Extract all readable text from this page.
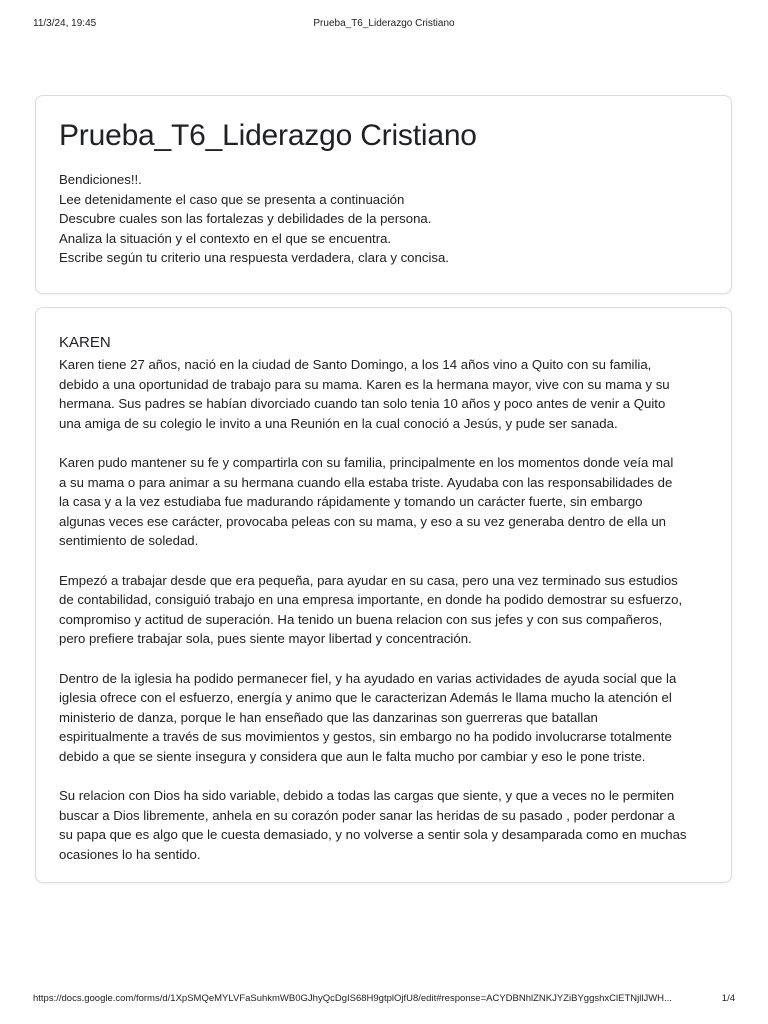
11/3/24, 19:45	Prueba_T6_Liderazgo Cristiano
Prueba_T6_Liderazgo Cristiano
Bendiciones!!.
Lee detenidamente el caso que se presenta a continuación
Descubre cuales son las fortalezas y debilidades de la persona.
Analiza la situación y el contexto en el que se encuentra.
Escribe según tu criterio una respuesta verdadera, clara y concisa.
KAREN
Karen tiene 27 años, nació en la ciudad de Santo Domingo, a los 14 años vino a Quito con su familia,
debido a una oportunidad de trabajo para su mama. Karen es la hermana mayor, vive con su mama y su
hermana. Sus padres se habían divorciado cuando tan solo tenia 10 años y poco antes de venir a Quito
una amiga de su colegio le invito a una Reunión en la cual conoció a Jesús, y pude ser sanada.
Karen pudo mantener su fe y compartirla con su familia, principalmente en los momentos donde veía mal
a su mama o para animar a su hermana cuando ella estaba triste. Ayudaba con las responsabilidades de
la casa y a la vez estudiaba fue madurando rápidamente y tomando un carácter fuerte, sin embargo
algunas veces ese carácter, provocaba peleas con su mama, y eso a su vez generaba dentro de ella un
sentimiento de soledad.
Empezó a trabajar desde que era pequeña, para ayudar en su casa, pero una vez terminado sus estudios
de contabilidad, consiguió trabajo en una empresa importante, en donde ha podido demostrar su esfuerzo,
compromiso y actitud de superación. Ha tenido un buena relacion con sus jefes y con sus compañeros,
pero prefiere trabajar sola, pues siente mayor libertad y concentración.
Dentro de la iglesia ha podido permanecer fiel, y ha ayudado en varias actividades de ayuda social que la
iglesia ofrece con el esfuerzo, energía y animo que le caracterizan Además le llama mucho la atención el
ministerio de danza, porque le han enseñado que las danzarinas son guerreras que batallan
espiritualmente a través de sus movimientos y gestos, sin embargo no ha podido involucrarse totalmente
debido a que se siente insegura y considera que aun le falta mucho por cambiar y eso le pone triste.
Su relacion con Dios ha sido variable, debido a todas las cargas que siente, y que a veces no le permiten
buscar a Dios libremente, anhela en su corazón poder sanar las heridas de su pasado , poder perdonar a
su papa que es algo que le cuesta demasiado, y no volverse a sentir sola y desamparada como en muchas
ocasiones lo ha sentido.
https://docs.google.com/forms/d/1XpSMQeMYLVFaSuhkmWB0GJhyQcDgIS68H9gtplOjfU8/edit#response=ACYDBNhlZNKJYZiBYggshxClETNjllJWH...	1/4
